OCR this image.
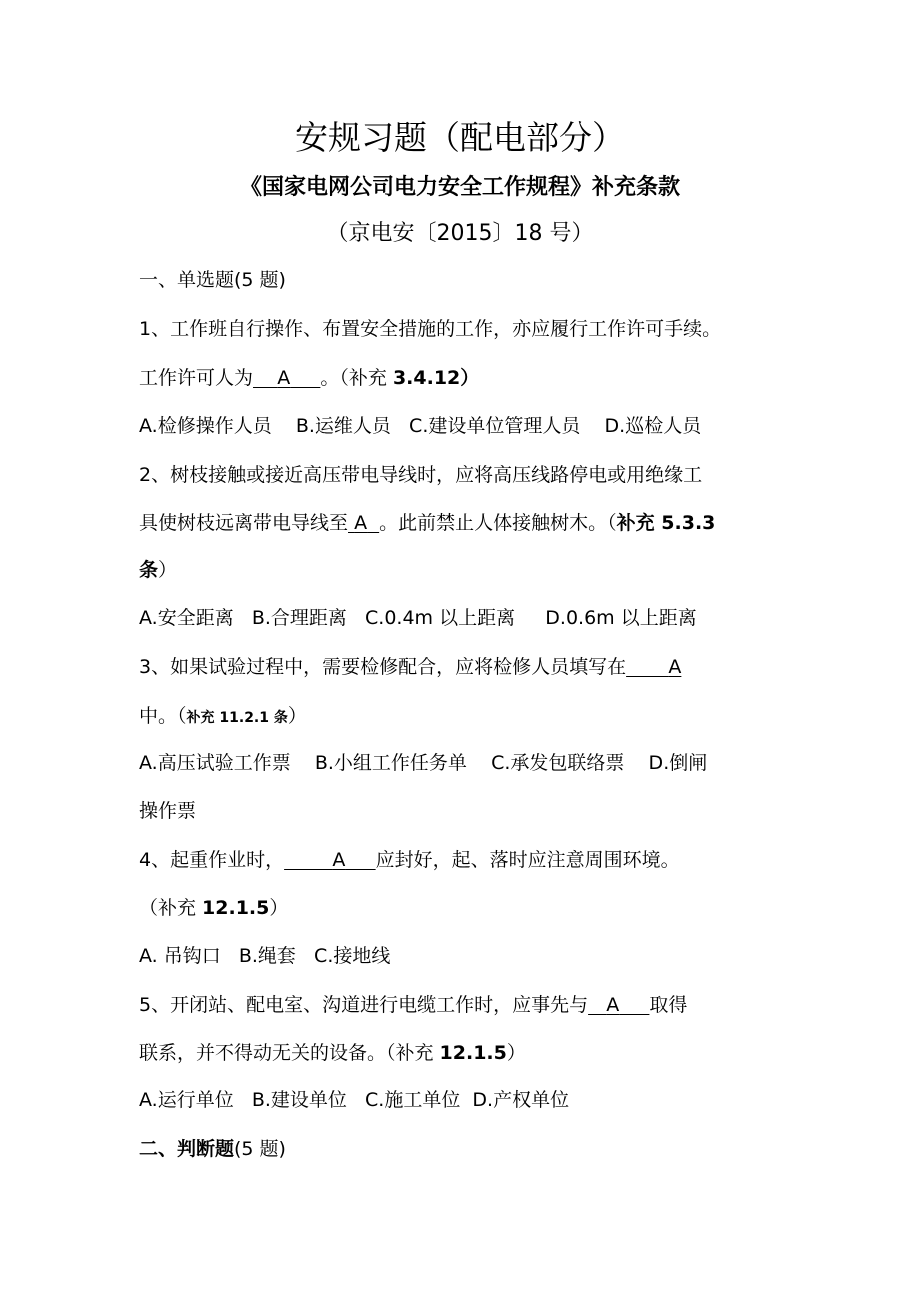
安规习题（配电部分）
《国家电网公司电力安全工作规程》补充条款
（京电安〔2015〕18 号）
一、单选题(5 题)
1、工作班自行操作、布置安全措施的工作，亦应履行工作许可手续。
工作许可人为 A 。（补充 3.4.12）
A.检修操作人员    B.运维人员   C.建设单位管理人员    D.巡检人员
2、树枝接触或接近高压带电导线时，应将高压线路停电或用绝缘工
具使树枝远离带电导线至 A 。此前禁止人体接触树木。（补充 5.3.3
条）
A.安全距离   B.合理距离   C.0.4m 以上距离     D.0.6m 以上距离
3、如果试验过程中，需要检修配合，应将检修人员填写在 A
中。（补充 11.2.1 条）
A.高压试验工作票    B.小组工作任务单    C.承发包联络票    D.倒闸
操作票
4、起重作业时，	A 应封好，起、落时应注意周围环境。
（补充 12.1.5）
A. 吊钩口   B.绳套   C.接地线
5、开闭站、配电室、沟道进行电缆工作时，应事先与 A 取得
联系，并不得动无关的设备。（补充 12.1.5）
A.运行单位   B.建设单位   C.施工单位  D.产权单位
二、判断题(5 题)
